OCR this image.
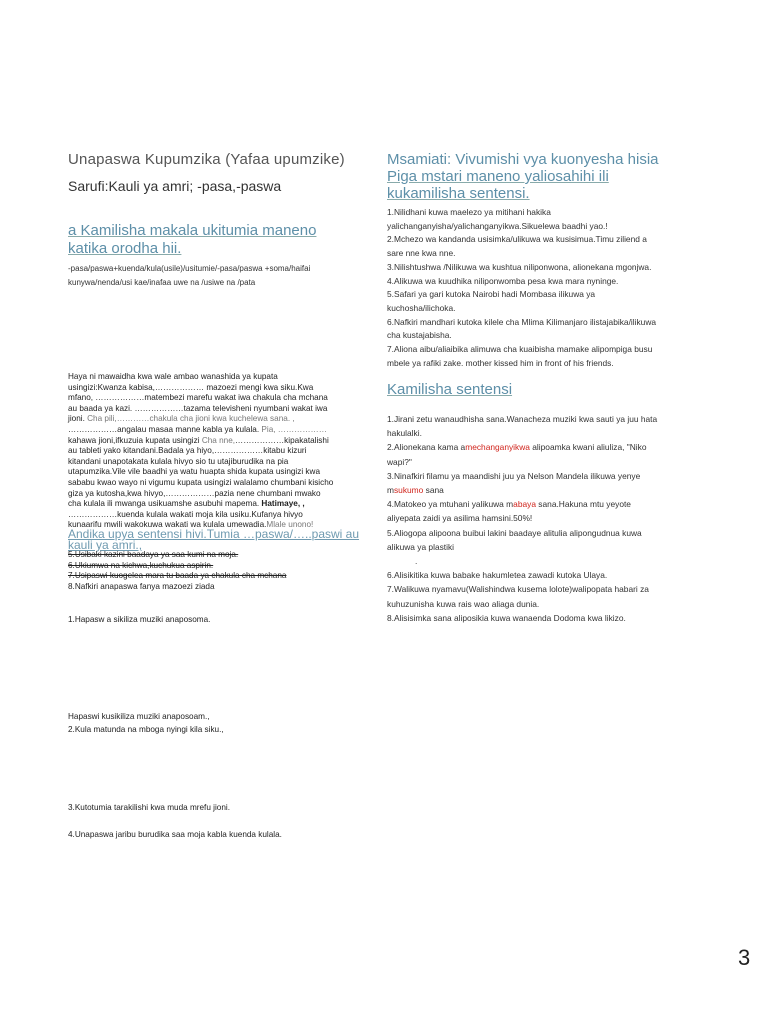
Unapaswa Kupumzika (Yafaa upumzike)
Sarufi:Kauli ya amri; -pasa,-paswa
a Kamilisha makala ukitumia maneno
katika orodha hii.

-pasa/paswa+kuenda/kula(usile)/usitumie/-pasa/paswa +soma/haifai

kunywa/nenda/usi kae/inafaa uwe na /usiwe na /pata

Haya ni mawaidha kwa wale ambao wanashida ya kupata
usingizi:Kwanza kabisa,……………… mazoezi mengi kwa siku.Kwa
mfano, ………………matembezi marefu wakat iwa chakula cha mchana
au baada ya kazi. ………………tazama televisheni nyumbani wakat iwa
jioni. Cha pili,…………chakula cha jioni kwa kuchelewa sana. ,
………………angalau masaa manne kabla ya kulala. Pia, ………………
kahawa jioni,ifkuzuia kupata usingizi Cha nne,………………kipakatalishi
au tableti yako kitandani.Badala ya hiyo,………………kitabu kizuri
kitandani unapotakata kulala hivyo sio tu utajiburudika na pia
utapumzika.Vile vile baadhi ya watu huapta shida kupata usingizi kwa
sababu kwao wayo ni vigumu kupata usingizi walalamo chumbani kisicho
giza ya kutosha,kwa hivyo,………………pazia nene chumbani mwako
cha kulala ili mwanga usikuamshe asubuhi mapema. Hatimaye, ,
………………kuenda kulala wakati moja kila usiku.Kufanya hivyo
kunaarifu mwili wakokuwa wakati wa kulala umewadia.Mlale unono!
Andika upya sentensi hivi.Tumia …paswa/…..paswi au
kauli ya amri.,
5.Usibaki kazini baadaya ya saa kumi na moja.
6.Ukiumwa na kichwa,kuchukua aspirin.
7.Usipaswi kuogelea mara tu baada ya chakula cha mchana
8.Nafkiri anapaswa fanya mazoezi ziada
1.Hapasw a sikiliza muziki anaposoma.
Hapaswi kusikiliza muziki anaposoam.,
2.Kula matunda na mboga nyingi kila siku.,
3.Kutotumia tarakilishi kwa muda mrefu jioni.
4.Unapaswa jaribu burudika saa moja kabla kuenda kulala.
Msamiati: Vivumishi vya kuonyesha hisia
Piga mstari maneno yaliosahihi ili
kukamilisha sentensi.

1.Nilidhani kuwa maelezo ya mitihani hakika

yalichanganyisha/yalichanganyikwa.Sikuelewa baadhi yao.!

2.Mchezo wa kandanda usisimka/ulikuwa wa kusisimua.Timu ziliend a

sare nne kwa nne.

3.Nilishtushwa /Nilikuwa wa kushtua niliponwona, alionekana mgonjwa.

4.Alikuwa wa kuudhika niliponwomba pesa kwa mara nyninge.

5.Safari ya gari kutoka Nairobi hadi Mombasa ilikuwa ya

kuchosha/ilichoka.

6.Nafkiri mandhari kutoka kilele cha Mlima Kilimanjaro ilistajabika/ilikuwa

cha kustajabisha.

7.Aliona aibu/aliaibika alimuwa cha kuaibisha mamake alipompiga busu

mbele ya rafiki zake. mother kissed him in front of his friends.

Kamilisha sentensi

1.Jirani zetu wanaudhisha sana.Wanacheza muziki kwa sauti ya juu hata

hakulalki.

2.Alionekana kama amechanganyikwa alipoamka kwani aliuliza, "Niko

wapi?"

3.Ninafkiri filamu ya maandishi juu ya Nelson Mandela ilikuwa yenye

msukumo sana

4.Matokeo ya mtuhani yalikuwa mabaya sana.Hakuna mtu yeyote

aliyepata zaidi ya asilima hamsini.50%!

5.Aliogopa alipoona buibui lakini baadaye alitulia alipongudnua kuwa

alikuwa ya plastiki

.

6.Alisikitika kuwa babake hakumletea zawadi kutoka Ulaya.

7.Walikuwa nyamavu(Walishindwa kusema lolote)walipopata habari za

kuhuzunisha kuwa rais wao aliaga dunia.

8.Alisisimka sana aliposikia kuwa wanaenda Dodoma kwa likizo.

3
